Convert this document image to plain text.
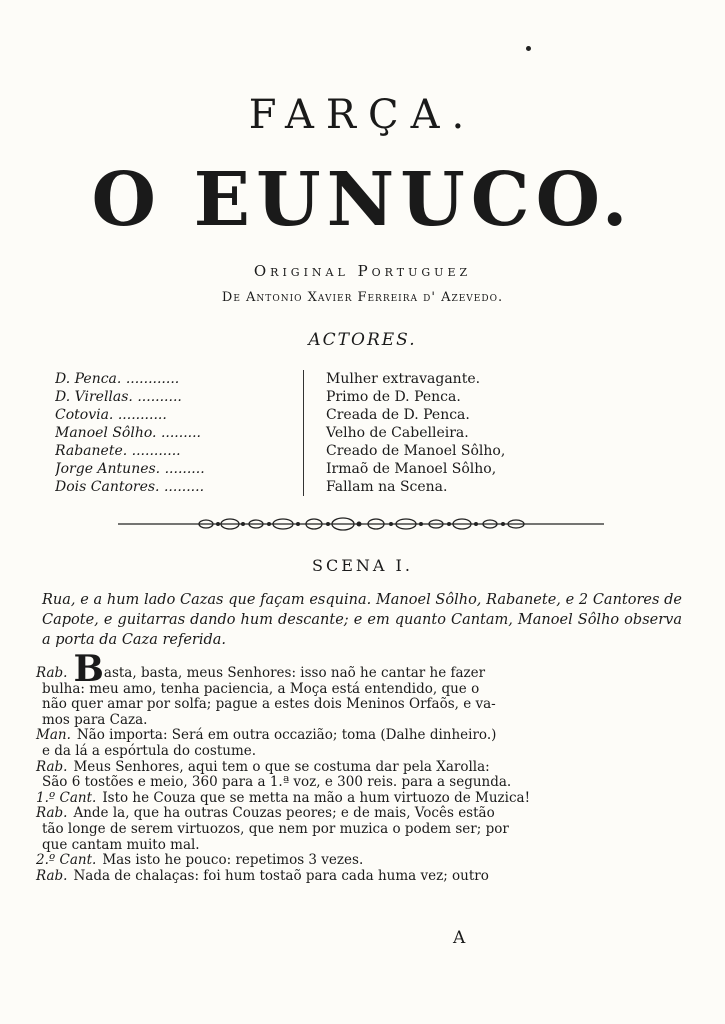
FARÇA.
O EUNUCO.
Original Portuguez
De Antonio Xavier Ferreira d' Azevedo.
ACTORES.
D. Penca. ............	Mulher extravagante.
D. Virellas. ..........	Primo de D. Penca.
Cotovia. ...........	Creada de D. Penca.
Manoel Sôlho. .........	Velho de Cabelleira.
Rabanete. ...........	Creado de Manoel Sôlho,
Jorge Antunes. .........	Irmaõ de Manoel Sôlho,
Dois Cantores. .........	Fallam na Scena.
SCENA I.
Rua, e a hum lado Cazas que façam esquina. Manoel Sôlho, Rabanete, e 2 Cantores de Capote, e guitarras dando hum descante; e em quanto Cantam, Manoel Sôlho observa a porta da Caza referida.
Rab. Basta, basta, meus Senhores: isso naõ he cantar he fazer
bulha: meu amo, tenha paciencia, a Moça está entendido, que o
não quer amar por solfa; pague a estes dois Meninos Orfaõs, e va-
mos para Caza.
Man. Não importa: Será em outra occazião; toma (Dalhe dinheiro.)
e da lá a espórtula do costume.
Rab. Meus Senhores, aqui tem o que se costuma dar pela Xarolla:
São 6 tostões e meio, 360 para a 1.ª voz, e 300 reis. para a segunda.
1.º Cant. Isto he Couza que se metta na mão a hum virtuozo de Muzica!
Rab. Ande la, que ha outras Couzas peores; e de mais, Vocês estão
tão longe de serem virtuozos, que nem por muzica o podem ser; por
que cantam muito mal.
2.º Cant. Mas isto he pouco: repetimos 3 vezes.
Rab. Nada de chalaças: foi hum tostaõ para cada huma vez; outro
A
